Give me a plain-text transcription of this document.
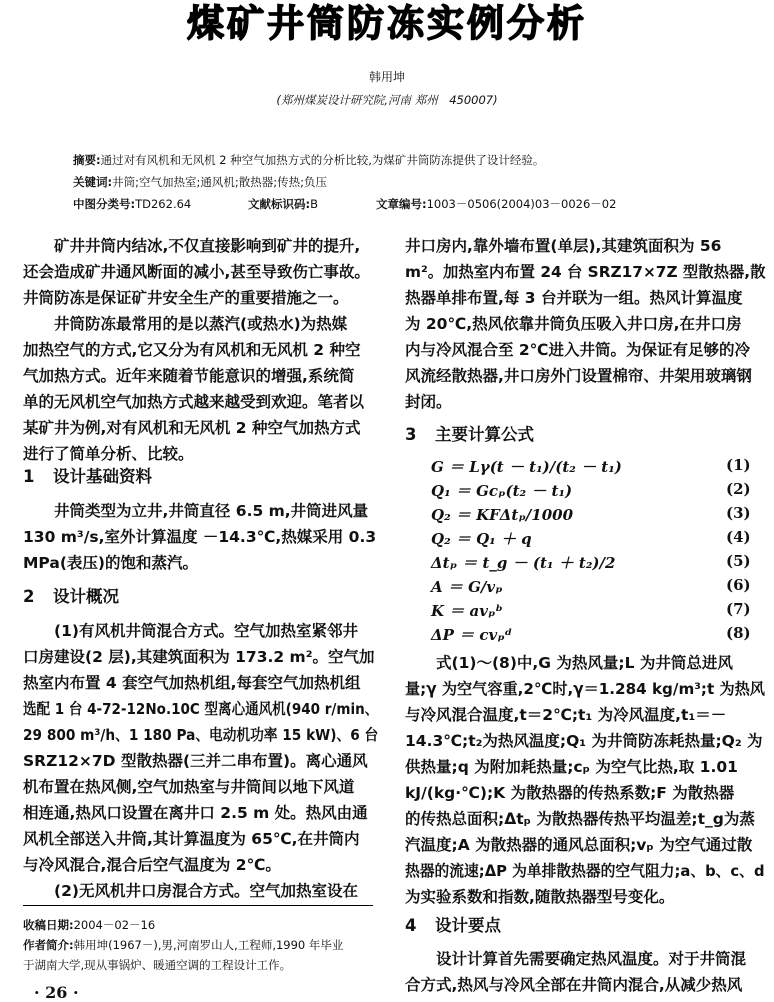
煤矿井筒防冻实例分析
韩用坤
(郑州煤炭设计研究院,河南 郑州　450007)
摘要:通过对有风机和无风机 2 种空气加热方式的分析比较,为煤矿井筒防冻提供了设计经验。
关键词:井筒;空气加热室;通风机;散热器;传热;负压
中图分类号:TD262.64	文献标识码:B	文章编号:1003－0506(2004)03－0026－02
　　矿井井筒内结冰,不仅直接影响到矿井的提升,
还会造成矿井通风断面的减小,甚至导致伤亡事故。
井筒防冻是保证矿井安全生产的重要措施之一。
　　井筒防冻最常用的是以蒸汽(或热水)为热媒
加热空气的方式,它又分为有风机和无风机 2 种空
气加热方式。近年来随着节能意识的增强,系统简
单的无风机空气加热方式越来越受到欢迎。笔者以
某矿井为例,对有风机和无风机 2 种空气加热方式
进行了简单分析、比较。
1 设计基础资料
　　井筒类型为立井,井筒直径 6.5 m,井筒进风量
130 m³/s,室外计算温度 －14.3℃,热媒采用 0.3
MPa(表压)的饱和蒸汽。
2 设计概况
　　(1)有风机井筒混合方式。空气加热室紧邻井
口房建设(2 层),其建筑面积为 173.2 m²。空气加
热室内布置 4 套空气加热机组,每套空气加热机组
选配 1 台 4-72-12No.10C 型离心通风机(940 r/min、
29 800 m³/h、1 180 Pa、电动机功率 15 kW)、6 台
SRZ12×7D 型散热器(三并二串布置)。离心通风
机布置在热风侧,空气加热室与井筒间以地下风道
相连通,热风口设置在离井口 2.5 m 处。热风由通
风机全部送入井筒,其计算温度为 65℃,在井筒内
与冷风混合,混合后空气温度为 2℃。
　　(2)无风机井口房混合方式。空气加热室设在
收稿日期:2004－02－16
作者简介:韩用坤(1967－),男,河南罗山人,工程师,1990 年毕业
于湖南大学,现从事锅炉、暖通空调的工程设计工作。
· 26 ·
井口房内,靠外墙布置(单层),其建筑面积为 56
m²。加热室内布置 24 台 SRZ17×7Z 型散热器,散
热器单排布置,每 3 台并联为一组。热风计算温度
为 20℃,热风依靠井筒负压吸入井口房,在井口房
内与冷风混合至 2℃进入井筒。为保证有足够的冷
风流经散热器,井口房外门设置棉帘、井架用玻璃钢
封闭。
3 主要计算公式
G ＝ Lγ(t － t₁)/(t₂ － t₁)	(1)
Q₁ ＝ Gcₚ(t₂ － t₁)	(2)
Q₂ ＝ KFΔtₚ/1000	(3)
Q₂ ＝ Q₁ ＋ q	(4)
Δtₚ ＝ t_g － (t₁ ＋ t₂)/2	(5)
A ＝ G/vₚ	(6)
K ＝ avₚᵇ	(7)
ΔP ＝ cvₚᵈ	(8)
　　式(1)～(8)中,G 为热风量;L 为井筒总进风
量;γ 为空气容重,2℃时,γ＝1.284 kg/m³;t 为热风
与冷风混合温度,t＝2℃;t₁ 为冷风温度,t₁＝－
14.3℃;t₂为热风温度;Q₁ 为井筒防冻耗热量;Q₂ 为
供热量;q 为附加耗热量;cₚ 为空气比热,取 1.01
kJ/(kg·℃);K 为散热器的传热系数;F 为散热器
的传热总面积;Δtₚ 为散热器传热平均温差;t_g为蒸
汽温度;A 为散热器的通风总面积;vₚ 为空气通过散
热器的流速;ΔP 为单排散热器的空气阻力;a、b、c、d
为实验系数和指数,随散热器型号变化。
4 设计要点
　　设计计算首先需要确定热风温度。对于井筒混
合方式,热风与冷风全部在井筒内混合,从减少热风
